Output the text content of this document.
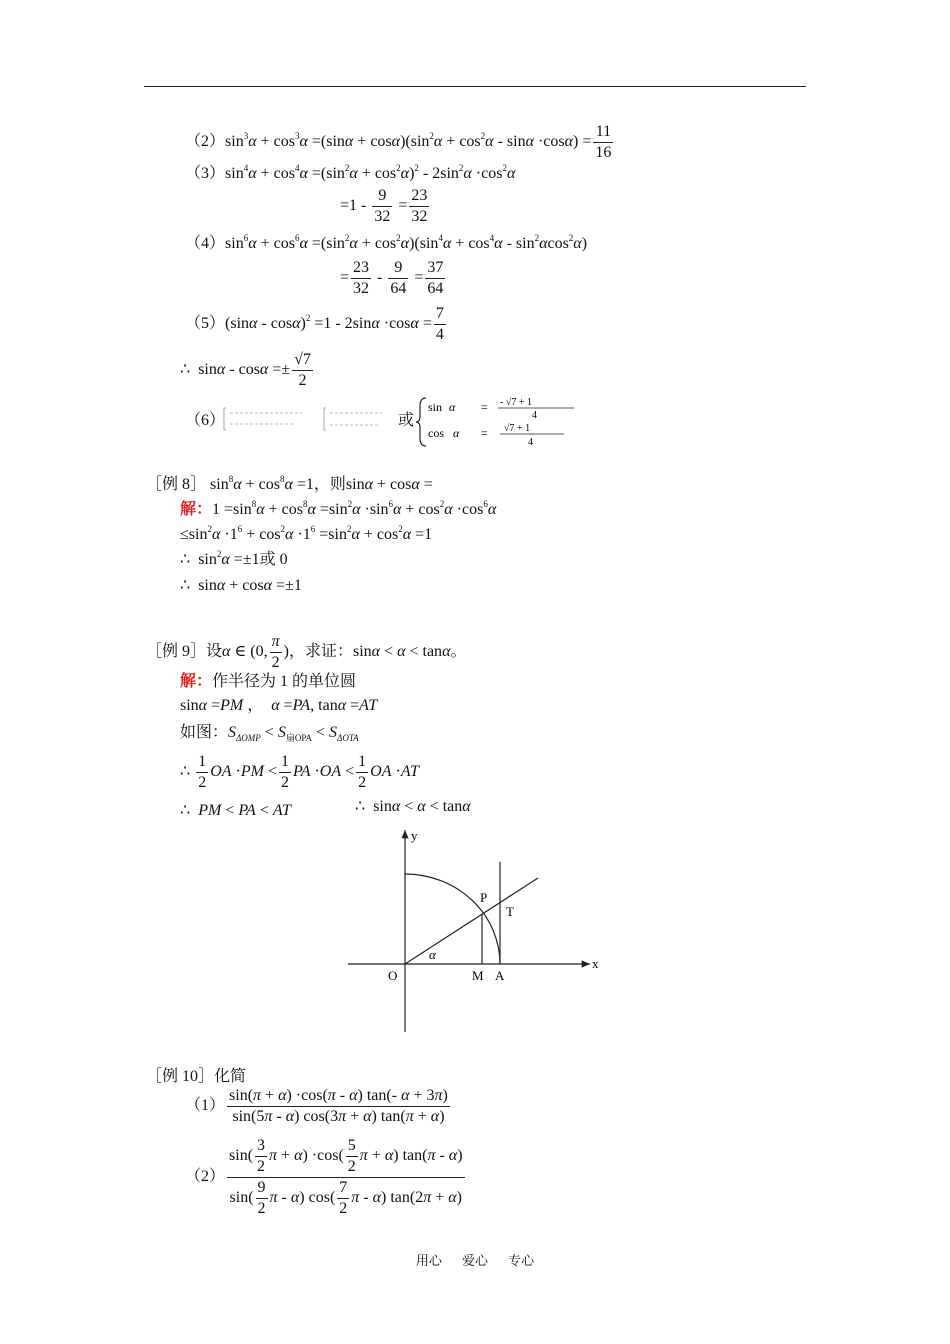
$(2)\sin^3\alpha + \cos^3\alpha =(\sin\alpha + \cos\alpha)(\sin^2\alpha + \cos^2\alpha - \sin\alpha \cdot\cos\alpha) = \frac{11}{16}$
$(3)\sin^4\alpha + \cos^4\alpha =(\sin^2\alpha + \cos^2\alpha)^2 - 2\sin^2\alpha \cdot\cos^2\alpha$
$=1 - \frac{9}{32} = \frac{23}{32}$
$(4)\sin^6\alpha + \cos^6\alpha =(\sin^2\alpha + \cos^2\alpha)(\sin^4\alpha + \cos^4\alpha - \sin^2\alpha\cos^2\alpha)$
= $\frac{23}{32} - \frac{9}{64} = \frac{37}{64}$
$(5)(\sin\alpha - \cos\alpha)^2 =1 - 2\sin\alpha \cdot\cos\alpha = \frac{7}{4}$
∴  $\sin\alpha - \cos\alpha =\pm \frac{√7}{2}$
（6）	或
sin α = - √7 + 1
4
cos α = √7 + 1
4
［例 8］ $\sin^8\alpha + \cos^8\alpha =1$，则sinα + cosα =
解：$1 =\sin^8\alpha + \cos^8\alpha =\sin^2\alpha \cdot\sin^6\alpha + \cos^2\alpha \cdot\cos^6\alpha$
$\le\sin^2\alpha \cdot 1^6 + \cos^2\alpha \cdot 1^6 =\sin^2\alpha + \cos^2\alpha =1$
∴  $\sin^2\alpha =\pm 1$或 0
∴  sinα + cosα =±1
［例 9］设α ∈ (0, $\frac{\pi}{2}$ )，求证：sinα < α < tanα。
解：作半径为 1 的单位圆
sinα =PM ，  α =PA, tanα =AT
如图：$S_{\Delta OMP} < S_{扇OPA} < S_{\Delta OTA}$
∴ $\frac{1}{2}$ OA $\cdot PM < \frac{1}{2}$ PA $\cdot OA < \frac{1}{2}$ OA ·AT
∴ PM < PA < AT	∴  sinα < α < tanα
y
x
O
P
T
M A
α
［例 10］化简
$(1) \frac{\sin(\pi + \alpha) \cdot\cos(\pi - \alpha) \tan(- \alpha + 3\pi)}{\sin(5\pi - \alpha) \cos(3\pi + \alpha) \tan(\pi + \alpha)}$
$(2) \frac{\sin( \frac{3}{2} \pi + \alpha) \cdot\cos( \frac{5}{2} \pi + \alpha) \tan(\pi - \alpha)}{\sin( \frac{9}{2} \pi - \alpha) \cos( \frac{7}{2} \pi - \alpha) \tan(2\pi + \alpha)}$
用心 爱心 专心
